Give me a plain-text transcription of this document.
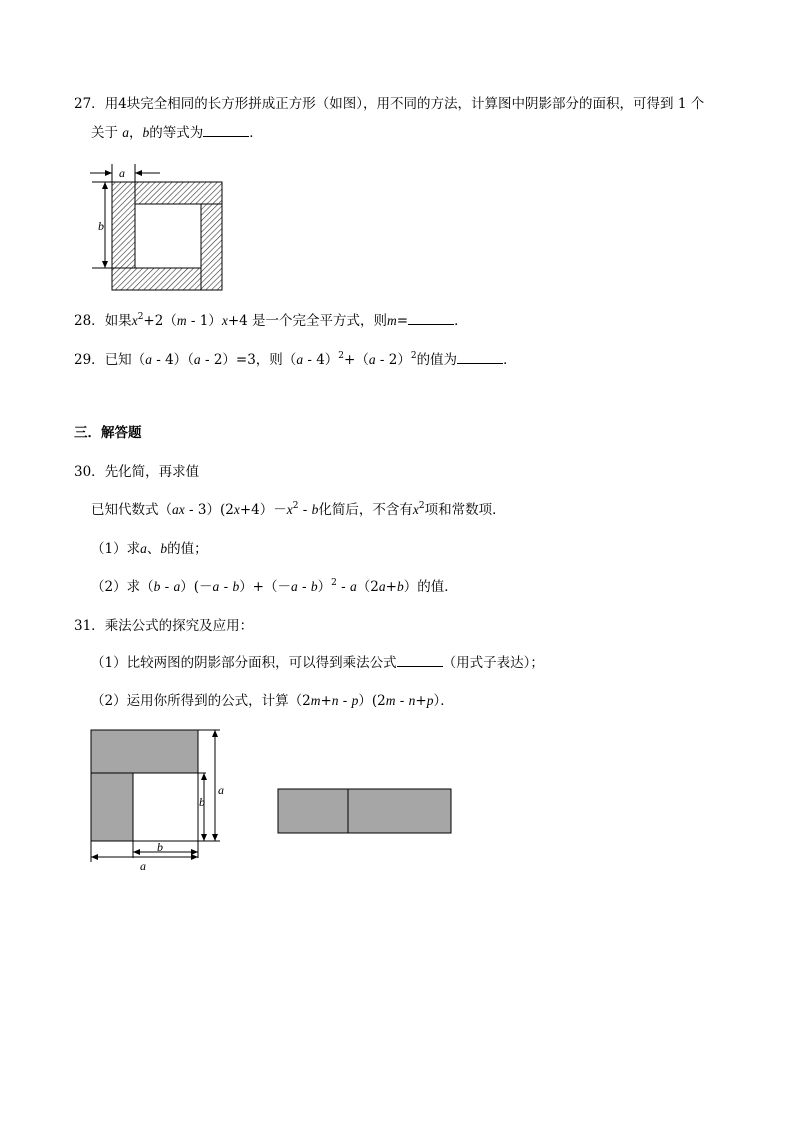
27．用4块完全相同的长方形拼成正方形（如图），用不同的方法，计算图中阴影部分的面积，可得到 1 个
关于 a，b的等式为	．
a
b
28．如果$x^2+2(m - 1)x+4$ 是一个完全平方式，则m=	．
29．已知（a - 4）（a - 2）=3，则（a - 4）$^2$+（a - 2）$^2$的值为	．
三．解答题
30．先化简，再求值
已知代数式$(ax - 3)(2x+4)-x^2 - b$化简后，不含有$x^2$项和常数项．
（1）求a、b的值；
（2）求$(b - a)(-a - b)+(-a - b)^2 - a(2a+b)$的值．
31．乘法公式的探究及应用：
（1）比较两图的阴影部分面积，可以得到乘法公式	（用式子表达）；
（2）运用你所得到的公式，计算（2m+n - p）(2m - n+p）．
a
b
b
a
